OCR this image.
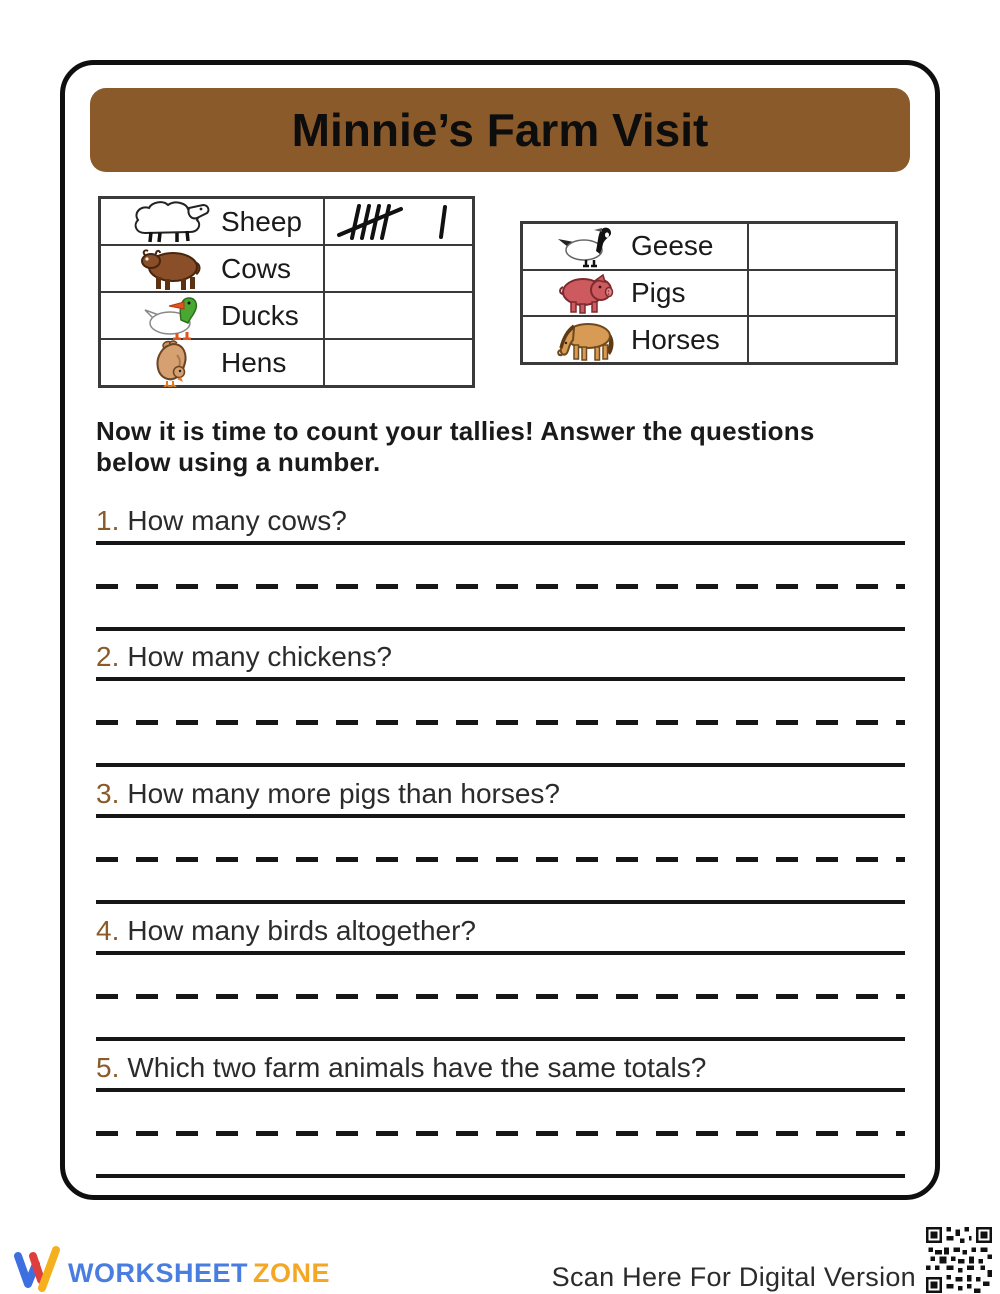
Minnie’s Farm Visit
Sheep
Cows
Ducks
Hens
Geese
Pigs
Horses
Now it is time to count your tallies! Answer the questions
below using a number.
1. How many cows?
2. How many chickens?
3. How many more pigs than horses?
4. How many birds altogether?
5. Which two farm animals have the same totals?
WORKSHEET ZONE	Scan Here For Digital Version
